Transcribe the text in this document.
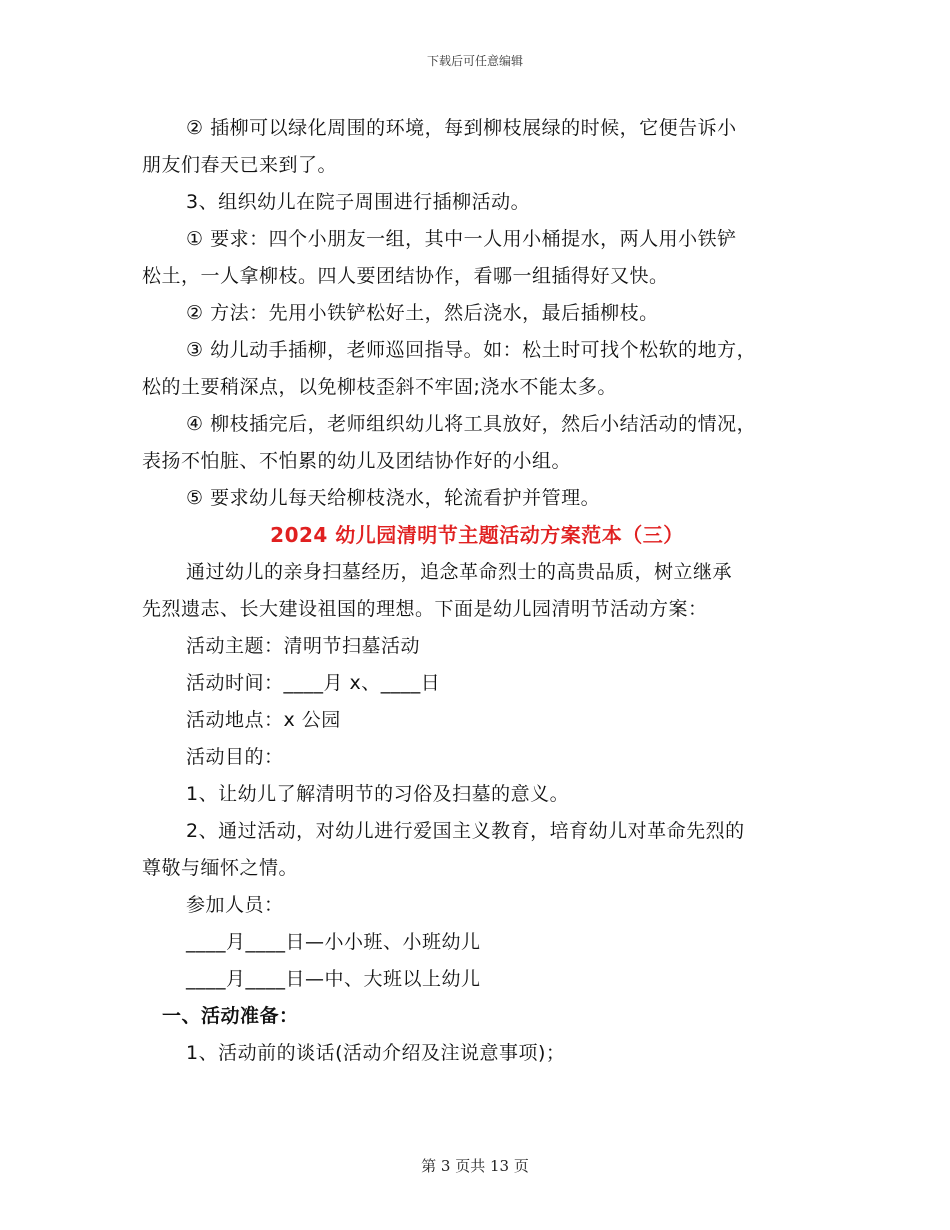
下载后可任意编辑
② 插柳可以绿化周围的环境，每到柳枝展绿的时候，它便告诉小
朋友们春天已来到了。
3、组织幼儿在院子周围进行插柳活动。
① 要求：四个小朋友一组，其中一人用小桶提水，两人用小铁铲
松土，一人拿柳枝。四人要团结协作，看哪一组插得好又快。
② 方法：先用小铁铲松好土，然后浇水，最后插柳枝。
③ 幼儿动手插柳，老师巡回指导。如：松土时可找个松软的地方，
松的土要稍深点，以免柳枝歪斜不牢固;浇水不能太多。
④ 柳枝插完后，老师组织幼儿将工具放好，然后小结活动的情况，
表扬不怕脏、不怕累的幼儿及团结协作好的小组。
⑤ 要求幼儿每天给柳枝浇水，轮流看护并管理。
2024 幼儿园清明节主题活动方案范本（三）
通过幼儿的亲身扫墓经历，追念革命烈士的高贵品质，树立继承
先烈遗志、长大建设祖国的理想。下面是幼儿园清明节活动方案：
活动主题：清明节扫墓活动
活动时间：____月 x、____日
活动地点：x 公园
活动目的：
1、让幼儿了解清明节的习俗及扫墓的意义。
2、通过活动，对幼儿进行爱国主义教育，培育幼儿对革命先烈的
尊敬与缅怀之情。
参加人员：
____月____日—小小班、小班幼儿
____月____日—中、大班以上幼儿
一、活动准备：
1、活动前的谈话(活动介绍及注说意事项)；
第 3 页共 13 页
